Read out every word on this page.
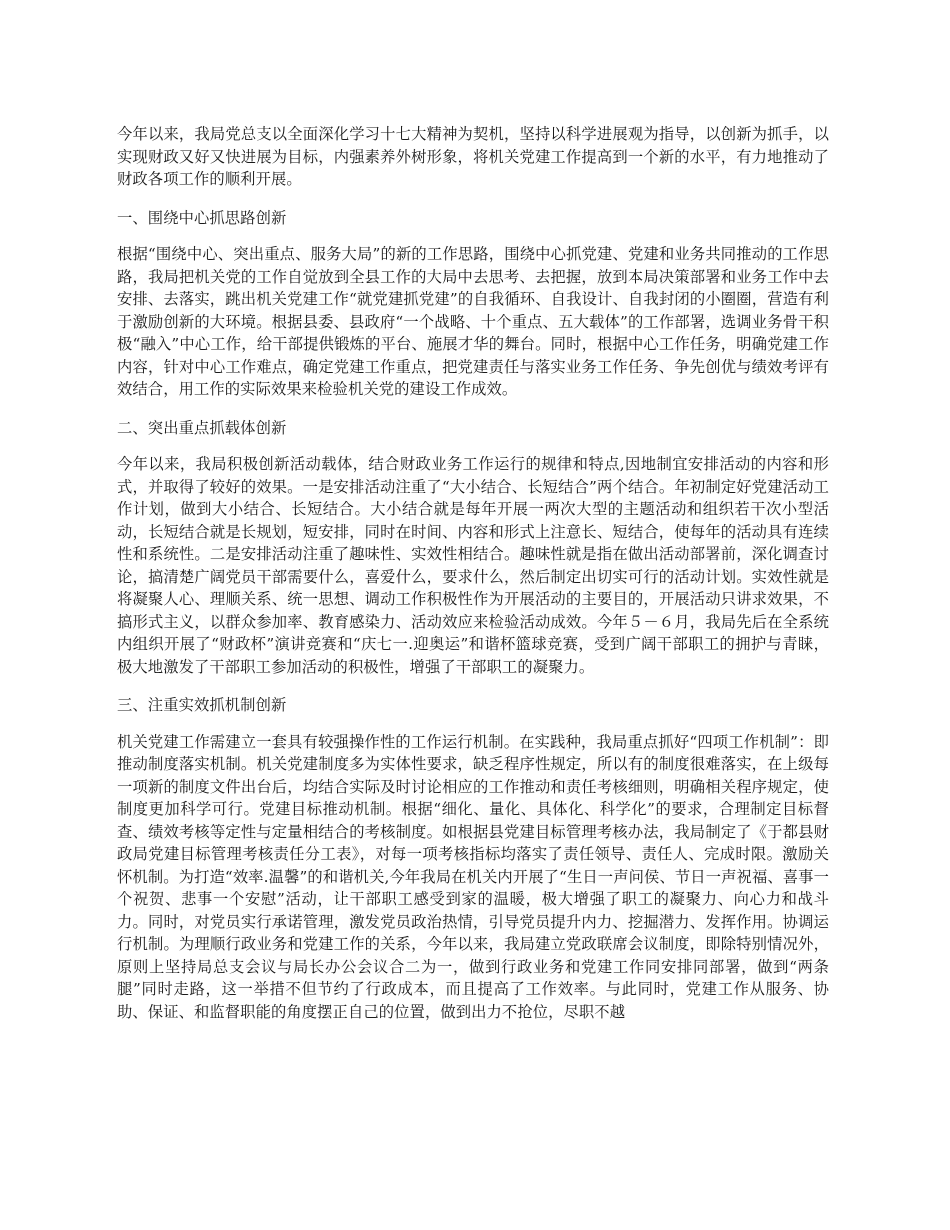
今年以来，我局党总支以全面深化学习十七大精神为契机，坚持以科学进展观为指导，以创新为抓手，以实现财政又好又快进展为目标，内强素养外树形象，将机关党建工作提高到一个新的水平，有力地推动了财政各项工作的顺利开展。

一、围绕中心抓思路创新

根据“围绕中心、突出重点、服务大局”的新的工作思路，围绕中心抓党建、党建和业务共同推动的工作思路，我局把机关党的工作自觉放到全县工作的大局中去思考、去把握，放到本局决策部署和业务工作中去安排、去落实，跳出机关党建工作“就党建抓党建”的自我循环、自我设计、自我封闭的小圈圈，营造有利于激励创新的大环境。根据县委、县政府“一个战略、十个重点、五大载体”的工作部署，选调业务骨干积极“融入”中心工作，给干部提供锻炼的平台、施展才华的舞台。同时，根据中心工作任务，明确党建工作内容，针对中心工作难点，确定党建工作重点，把党建责任与落实业务工作任务、争先创优与绩效考评有效结合，用工作的实际效果来检验机关党的建设工作成效。

二、突出重点抓载体创新

今年以来，我局积极创新活动载体，结合财政业务工作运行的规律和特点,因地制宜安排活动的内容和形式，并取得了较好的效果。一是安排活动注重了“大小结合、长短结合”两个结合。年初制定好党建活动工作计划，做到大小结合、长短结合。大小结合就是每年开展一两次大型的主题活动和组织若干次小型活动，长短结合就是长规划，短安排，同时在时间、内容和形式上注意长、短结合，使每年的活动具有连续性和系统性。二是安排活动注重了趣味性、实效性相结合。趣味性就是指在做出活动部署前，深化调查讨论，搞清楚广阔党员干部需要什么，喜爱什么，要求什么，然后制定出切实可行的活动计划。实效性就是将凝聚人心、理顺关系、统一思想、调动工作积极性作为开展活动的主要目的，开展活动只讲求效果，不搞形式主义，以群众参加率、教育感染力、活动效应来检验活动成效。今年５－６月，我局先后在全系统内组织开展了“财政杯”演讲竞赛和“庆七一.迎奥运”和谐杯篮球竞赛，受到广阔干部职工的拥护与青睐，极大地激发了干部职工参加活动的积极性，增强了干部职工的凝聚力。

三、注重实效抓机制创新

机关党建工作需建立一套具有较强操作性的工作运行机制。在实践种，我局重点抓好“四项工作机制”：即推动制度落实机制。机关党建制度多为实体性要求，缺乏程序性规定，所以有的制度很难落实，在上级每一项新的制度文件出台后，均结合实际及时讨论相应的工作推动和责任考核细则，明确相关程序规定，使制度更加科学可行。党建目标推动机制。根据“细化、量化、具体化、科学化”的要求，合理制定目标督查、绩效考核等定性与定量相结合的考核制度。如根据县党建目标管理考核办法，我局制定了《于都县财政局党建目标管理考核责任分工表》，对每一项考核指标均落实了责任领导、责任人、完成时限。激励关怀机制。为打造“效率.温馨”的和谐机关,今年我局在机关内开展了“生日一声问侯、节日一声祝福、喜事一个祝贺、悲事一个安慰”活动，让干部职工感受到家的温暖，极大增强了职工的凝聚力、向心力和战斗力。同时，对党员实行承诺管理，激发党员政治热情，引导党员提升内力、挖掘潜力、发挥作用。协调运行机制。为理顺行政业务和党建工作的关系，今年以来，我局建立党政联席会议制度，即除特别情况外，原则上坚持局总支会议与局长办公会议合二为一，做到行政业务和党建工作同安排同部署，做到“两条腿”同时走路，这一举措不但节约了行政成本，而且提高了工作效率。与此同时，党建工作从服务、协助、保证、和监督职能的角度摆正自己的位置，做到出力不抢位，尽职不越
